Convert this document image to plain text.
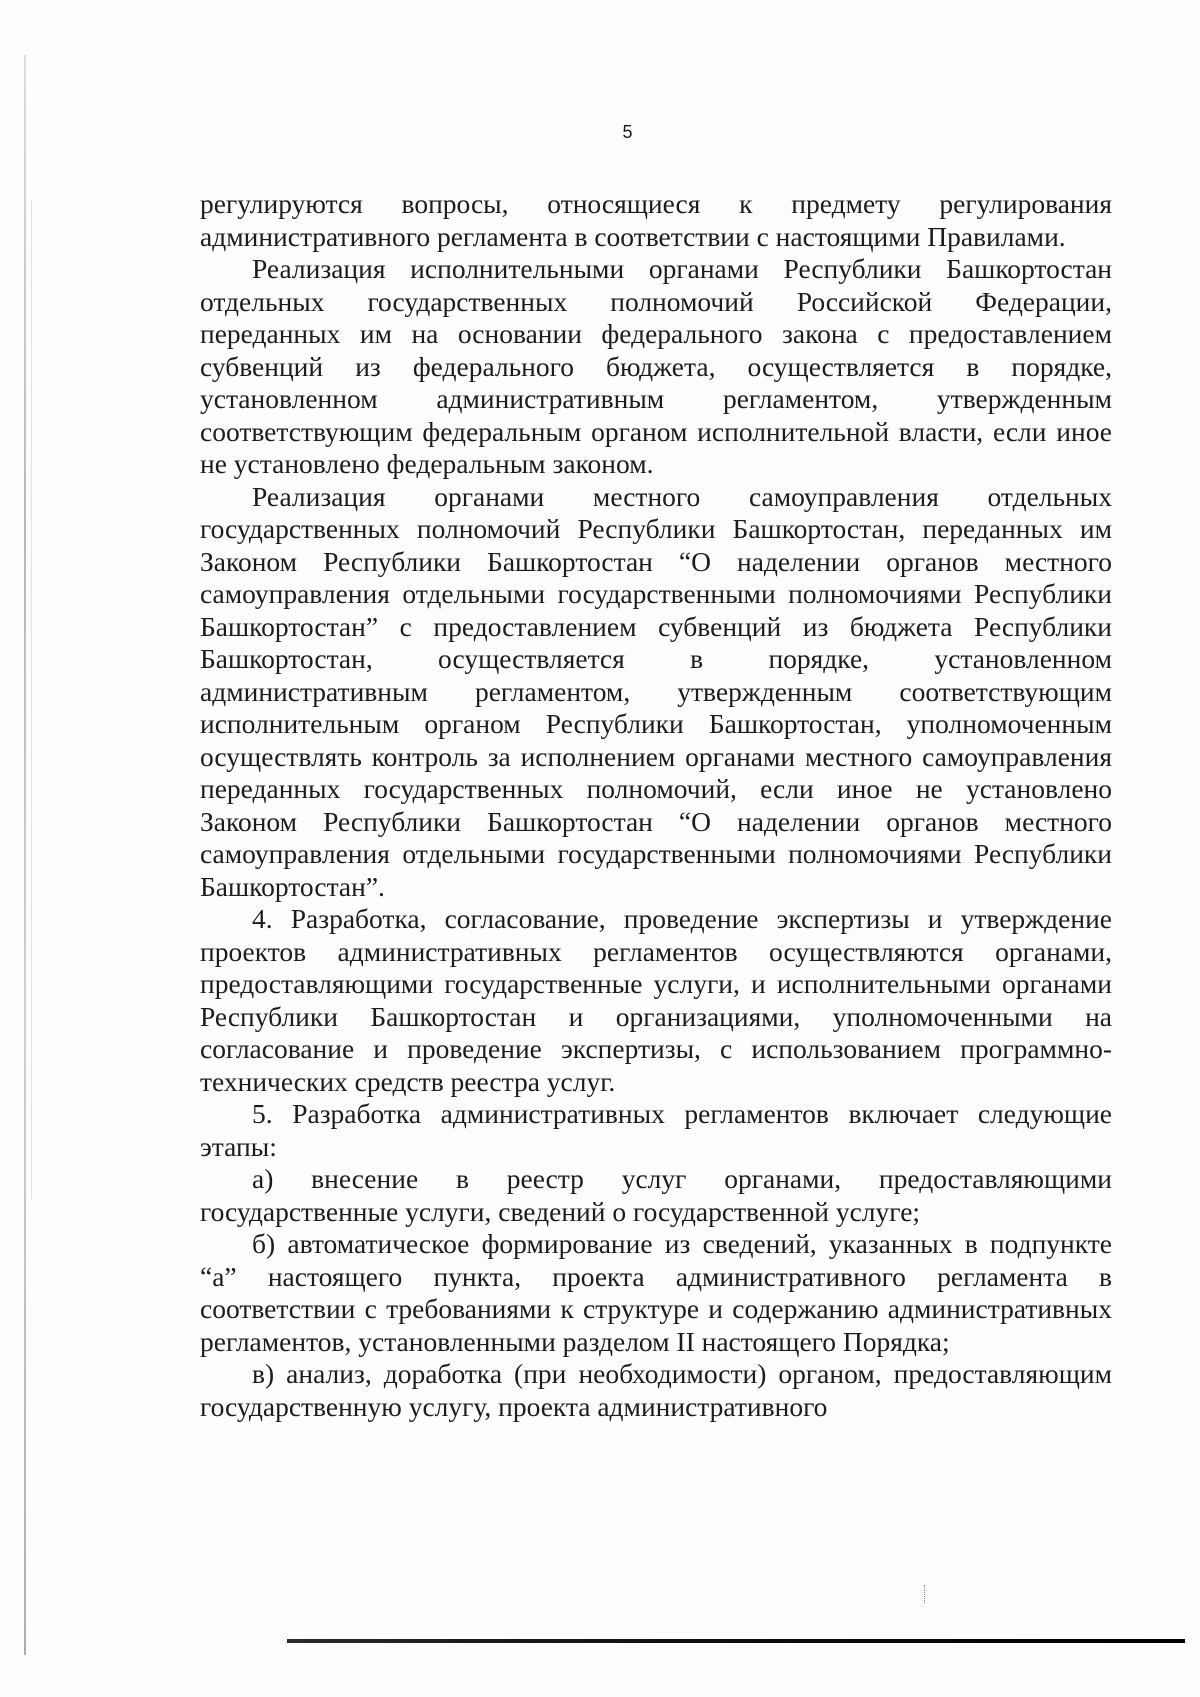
5

регулируются вопросы, относящиеся к предмету регулирования административного регламента в соответствии с настоящими Правилами.

Реализация исполнительными органами Республики Башкортостан отдельных государственных полномочий Российской Федерации, переданных им на основании федерального закона с предоставлением субвенций из федерального бюджета, осуществляется в порядке, установленном административным регламентом, утвержденным соответствующим федеральным органом исполнительной власти, если иное не установлено федеральным законом.

Реализация органами местного самоуправления отдельных государственных полномочий Республики Башкортостан, переданных им Законом Республики Башкортостан “О наделении органов местного самоуправления отдельными государственными полномочиями Республики Башкортостан” с предоставлением субвенций из бюджета Республики Башкортостан, осуществляется в порядке, установленном административным регламентом, утвержденным соответствующим исполнительным органом Республики Башкортостан, уполномоченным осуществлять контроль за исполнением органами местного самоуправления переданных государственных полномочий, если иное не установлено Законом Республики Башкортостан “О наделении органов местного самоуправления отдельными государственными полномочиями Республики Башкортостан”.

4. Разработка, согласование, проведение экспертизы и утверждение проектов административных регламентов осуществляются органами, предоставляющими государственные услуги, и исполнительными органами Республики Башкортостан и организациями, уполномоченными на согласование и проведение экспертизы, с использованием программно-технических средств реестра услуг.

5. Разработка административных регламентов включает следующие этапы:

а) внесение в реестр услуг органами, предоставляющими государственные услуги, сведений о государственной услуге;

б) автоматическое формирование из сведений, указанных в подпункте “а” настоящего пункта, проекта административного регламента в соответствии с требованиями к структуре и содержанию административных регламентов, установленными разделом II настоящего Порядка;

в) анализ, доработка (при необходимости) органом, предоставляющим государственную услугу, проекта административного
